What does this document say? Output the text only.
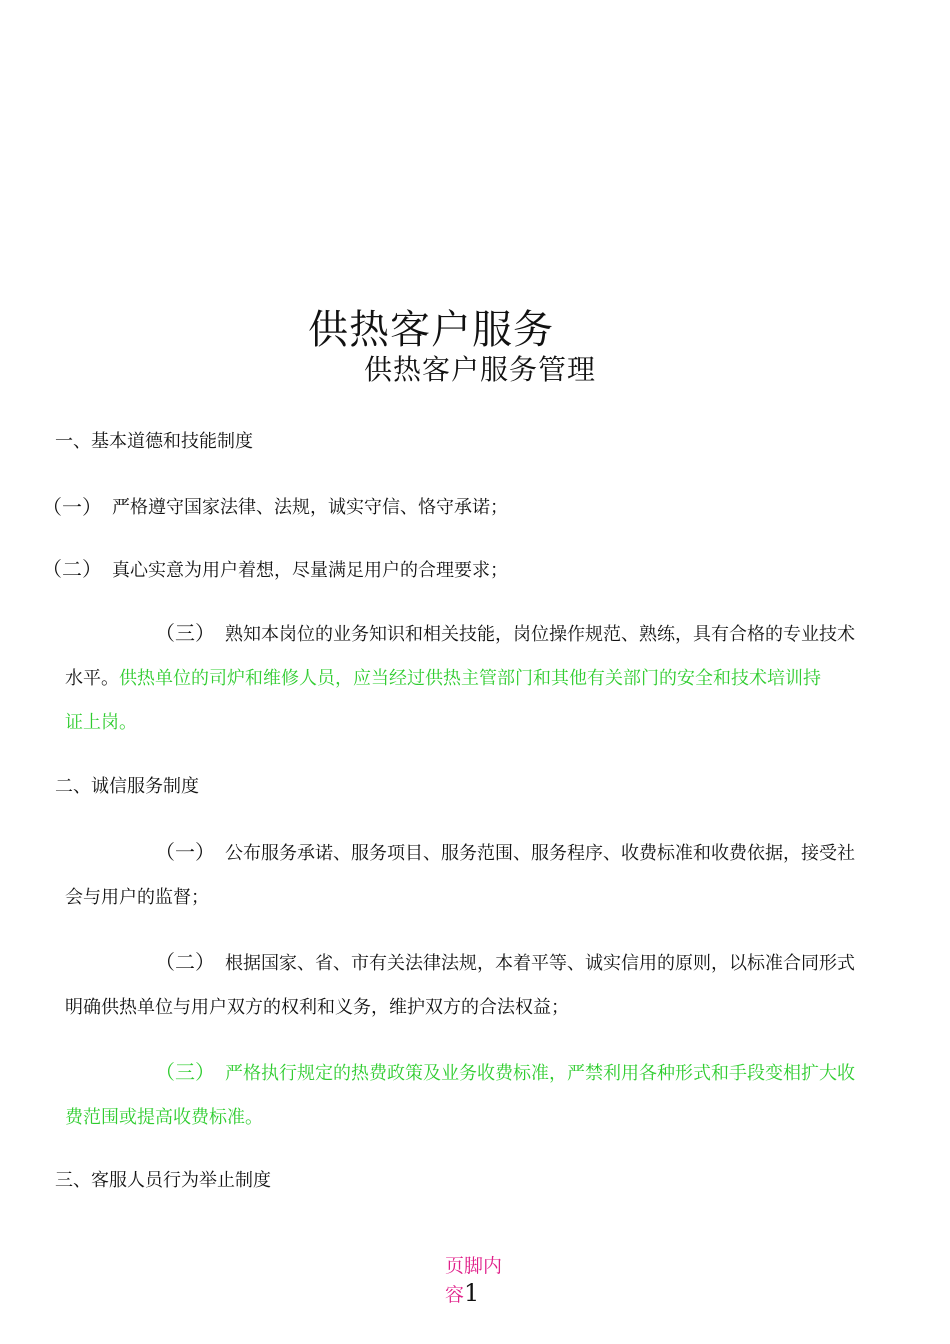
供热客户服务
供热客户服务管理
一、基本道德和技能制度
（一） 严格遵守国家法律、法规，诚实守信、恪守承诺；
（二） 真心实意为用户着想，尽量满足用户的合理要求；
（三） 熟知本岗位的业务知识和相关技能，岗位操作规范、熟练，具有合格的专业技术
水平。供热单位的司炉和维修人员，应当经过供热主管部门和其他有关部门的安全和技术培训持
证上岗。
二、诚信服务制度
（一） 公布服务承诺、服务项目、服务范围、服务程序、收费标准和收费依据，接受社
会与用户的监督；
（二） 根据国家、省、市有关法律法规，本着平等、诚实信用的原则，以标准合同形式
明确供热单位与用户双方的权利和义务，维护双方的合法权益；
（三） 严格执行规定的热费政策及业务收费标准，严禁利用各种形式和手段变相扩大收
费范围或提高收费标准。
三、客服人员行为举止制度
页脚内
容1
